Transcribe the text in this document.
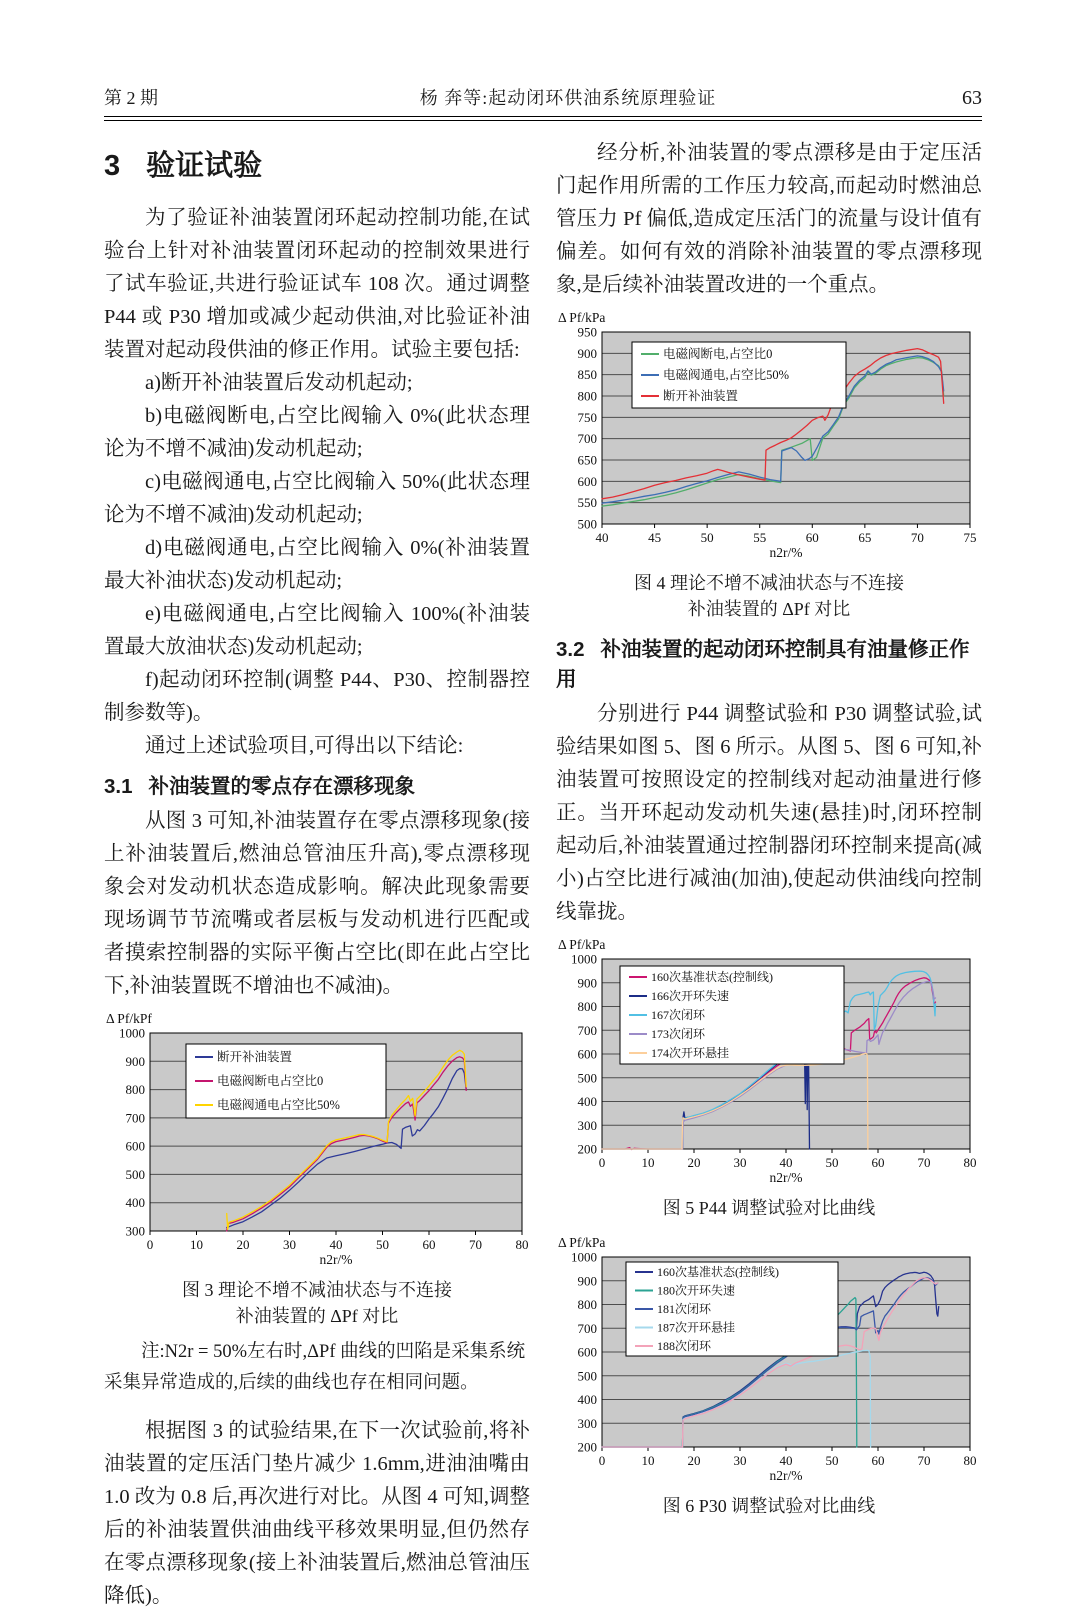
第 2 期	杨 奔等:起动闭环供油系统原理验证	63
3 验证试验

为了验证补油装置闭环起动控制功能,在试验台上针对补油装置闭环起动的控制效果进行了试车验证,共进行验证试车 108 次。通过调整 P44 或 P30 增加或减少起动供油,对比验证补油装置对起动段供油的修正作用。试验主要包括:

a)断开补油装置后发动机起动;

b)电磁阀断电,占空比阀输入 0%(此状态理论为不增不减油)发动机起动;

c)电磁阀通电,占空比阀输入 50%(此状态理论为不增不减油)发动机起动;

d)电磁阀通电,占空比阀输入 0%(补油装置最大补油状态)发动机起动;

e)电磁阀通电,占空比阀输入 100%(补油装置最大放油状态)发动机起动;

f)起动闭环控制(调整 P44、P30、控制器控制参数等)。

通过上述试验项目,可得出以下结论:

3.1 补油装置的零点存在漂移现象

从图 3 可知,补油装置存在零点漂移现象(接上补油装置后,燃油总管油压升高),零点漂移现象会对发动机状态造成影响。解决此现象需要现场调节节流嘴或者层板与发动机进行匹配或者摸索控制器的实际平衡占空比(即在此占空比下,补油装置既不增油也不减油)。

Δ Pf/kPf
300
400
500
600
700
800
900
1000
0	10	20	30	40	50	60	70	80
n2r/%
断开补油装置
电磁阀断电占空比0
电磁阀通电占空比50%
图 3 理论不增不减油状态与不连接
补油装置的 ΔPf 对比
注:N2r = 50%左右时,ΔPf 曲线的凹陷是采集系统
采集异常造成的,后续的曲线也存在相同问题。

根据图 3 的试验结果,在下一次试验前,将补油装置的定压活门垫片减少 1.6mm,进油油嘴由 1.0 改为 0.8 后,再次进行对比。从图 4 可知,调整后的补油装置供油曲线平移效果明显,但仍然存在零点漂移现象(接上补油装置后,燃油总管油压降低)。

经分析,补油装置的零点漂移是由于定压活门起作用所需的工作压力较高,而起动时燃油总管压力 Pf 偏低,造成定压活门的流量与设计值有偏差。如何有效的消除补油装置的零点漂移现象,是后续补油装置改进的一个重点。

Δ Pf/kPa
500
550
600
650
700
750
800
850
900
950
40	45	50	55	60	65	70	75
n2r/%
电磁阀断电,占空比0
电磁阀通电,占空比50%
断开补油装置
图 4 理论不增不减油状态与不连接
补油装置的 ΔPf 对比
3.2 补油装置的起动闭环控制具有油量修正作用

分别进行 P44 调整试验和 P30 调整试验,试验结果如图 5、图 6 所示。从图 5、图 6 可知,补油装置可按照设定的控制线对起动油量进行修正。当开环起动发动机失速(悬挂)时,闭环控制起动后,补油装置通过控制器闭环控制来提高(减小)占空比进行减油(加油),使起动供油线向控制线靠拢。

Δ Pf/kPa
200
300
400
500
600
700
800
900
1000
0	10	20	30	40	50	60	70	80
n2r/%
160次基准状态(控制线)
166次开环失速
167次闭环
173次闭环
174次开环悬挂
图 5 P44 调整试验对比曲线
Δ Pf/kPa
200
300
400
500
600
700
800
900
1000
0	10	20	30	40	50	60	70	80
n2r/%
160次基准状态(控制线)
180次开环失速
181次闭环
187次开环悬挂
188次闭环
图 6 P30 调整试验对比曲线
